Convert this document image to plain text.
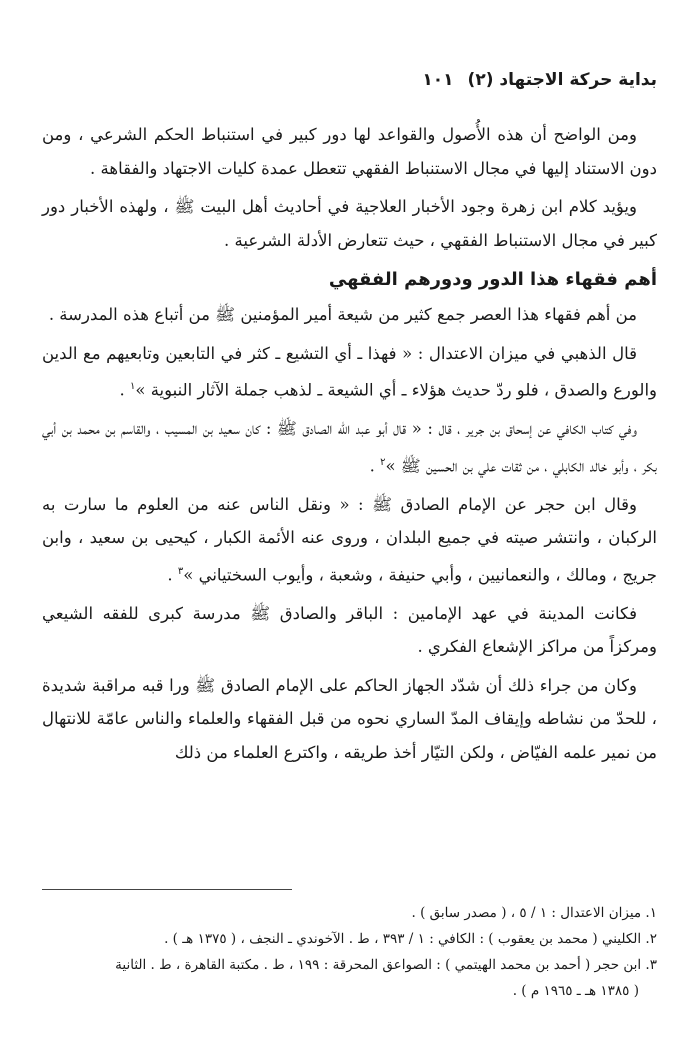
بداية حركة الاجتهاد (٢)
١٠١

ومن الواضح أن هذه الأُصول والقواعد لها دور كبير في استنباط الحكم الشرعي ، ومن دون الاستناد إليها في مجال الاستنباط الفقهي تتعطل عمدة كليات الاجتهاد والفقاهة .

ويؤيد كلام ابن زهرة وجود الأخبار العلاجية في أحاديث أهل البيت ﷺ ، ولهذه الأخبار دور كبير في مجال الاستنباط الفقهي ، حيث تتعارض الأدلة الشرعية .

أهم فقهاء هذا الدور ودورهم الفقهي

من أهم فقهاء هذا العصر جمع كثير من شيعة أمير المؤمنين ﷺ من أتباع هذه المدرسة .

قال الذهبي في ميزان الاعتدال : « فهذا ـ أي التشيع ـ كثر في التابعين وتابعيهم مع الدين والورع والصدق ، فلو ردّ حديث هؤلاء ـ أي الشيعة ـ لذهب جملة الآثار النبوية »$^١$ .

وفي كتاب الكافي عن إسحاق بن جرير ، قال : « قال أبو عبد الله الصادق ﷺ : كان سعيد بن المسيب ، والقاسم بن محمد بن أبي بكر ، وأبو خالد الكابلي ، من ثقات علي بن الحسين ﷺ »$^٢$ .

وقال ابن حجر عن الإمام الصادق ﷺ : « ونقل الناس عنه من العلوم ما سارت به الركبان ، وانتشر صيته في جميع البلدان ، وروى عنه الأئمة الكبار ، كيحيى بن سعيد ، وابن جريج ، ومالك ، والنعمانيين ، وأبي حنيفة ، وشعبة ، وأيوب السختياني »$^٣$ .

فكانت المدينة في عهد الإمامين : الباقر والصادق ﷺ مدرسة كبرى للفقه الشيعي ومركزاً من مراكز الإشعاع الفكري .

وكان من جراء ذلك أن شدّد الجهاز الحاكم على الإمام الصادق ﷺ ورا قبه مراقبة شديدة ، للحدّ من نشاطه وإيقاف المدّ الساري نحوه من قبل الفقهاء والعلماء والناس عامّة للانتهال من نمير علمه الفيّاض ، ولكن التيّار أخذ طريقه ، واكترع العلماء من ذلك

١. ميزان الاعتدال : ١ / ٥ ، ( مصدر سابق ) .

٢. الكليني ( محمد بن يعقوب ) : الكافي : ١ / ٣٩٣ ، ط . الآخوندي ـ النجف ، ( ١٣٧٥ هـ ) .

٣. ابن حجر ( أحمد بن محمد الهيتمي ) : الصواعق المحرقة : ١٩٩ ، ط . مكتبة القاهرة ، ط . الثانية

( ١٣٨٥ هـ ـ ١٩٦٥ م ) .
